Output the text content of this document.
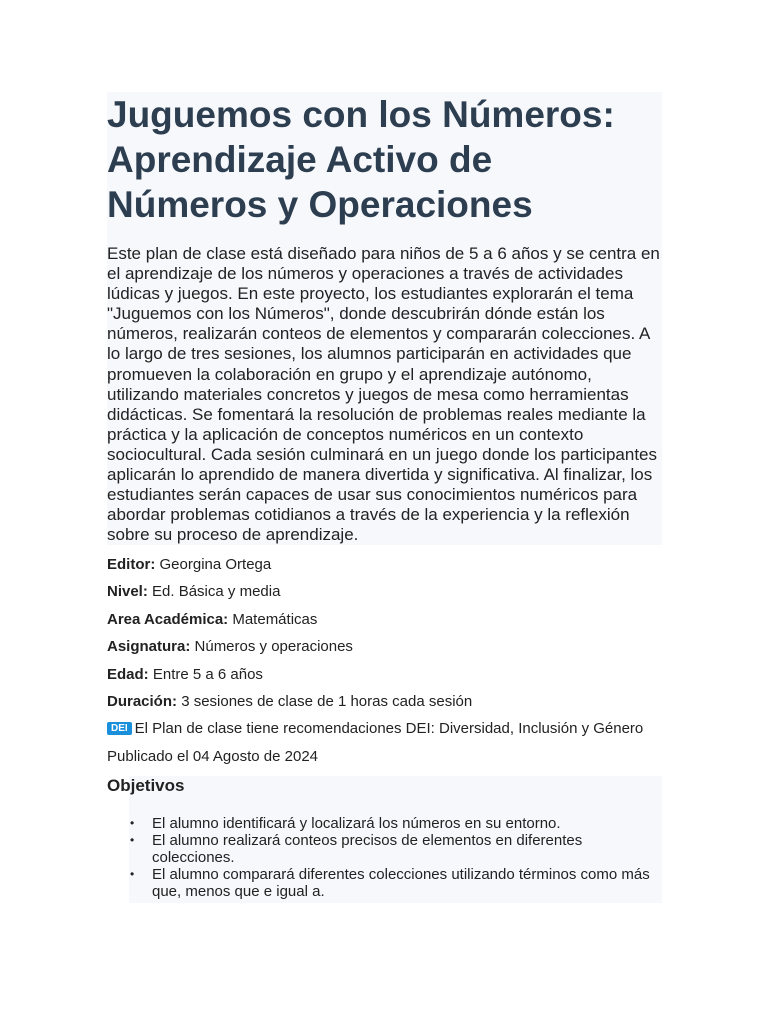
Juguemos con los Números: Aprendizaje Activo de Números y Operaciones

Este plan de clase está diseñado para niños de 5 a 6 años y se centra en el aprendizaje de los números y operaciones a través de actividades lúdicas y juegos. En este proyecto, los estudiantes explorarán el tema "Juguemos con los Números", donde descubrirán dónde están los números, realizarán conteos de elementos y compararán colecciones. A lo largo de tres sesiones, los alumnos participarán en actividades que promueven la colaboración en grupo y el aprendizaje autónomo, utilizando materiales concretos y juegos de mesa como herramientas didácticas. Se fomentará la resolución de problemas reales mediante la práctica y la aplicación de conceptos numéricos en un contexto sociocultural. Cada sesión culminará en un juego donde los participantes aplicarán lo aprendido de manera divertida y significativa. Al finalizar, los estudiantes serán capaces de usar sus conocimientos numéricos para abordar problemas cotidianos a través de la experiencia y la reflexión sobre su proceso de aprendizaje.

Editor: Georgina Ortega

Nivel: Ed. Básica y media

Area Académica: Matemáticas

Asignatura: Números y operaciones

Edad: Entre 5 a 6 años

Duración: 3 sesiones de clase de 1 horas cada sesión

DEI El Plan de clase tiene recomendaciones DEI: Diversidad, Inclusión y Género

Publicado el 04 Agosto de 2024

Objetivos
• El alumno identificará y localizará los números en su entorno.
• El alumno realizará conteos precisos de elementos en diferentes colecciones.
• El alumno comparará diferentes colecciones utilizando términos como más que, menos que e igual a.
